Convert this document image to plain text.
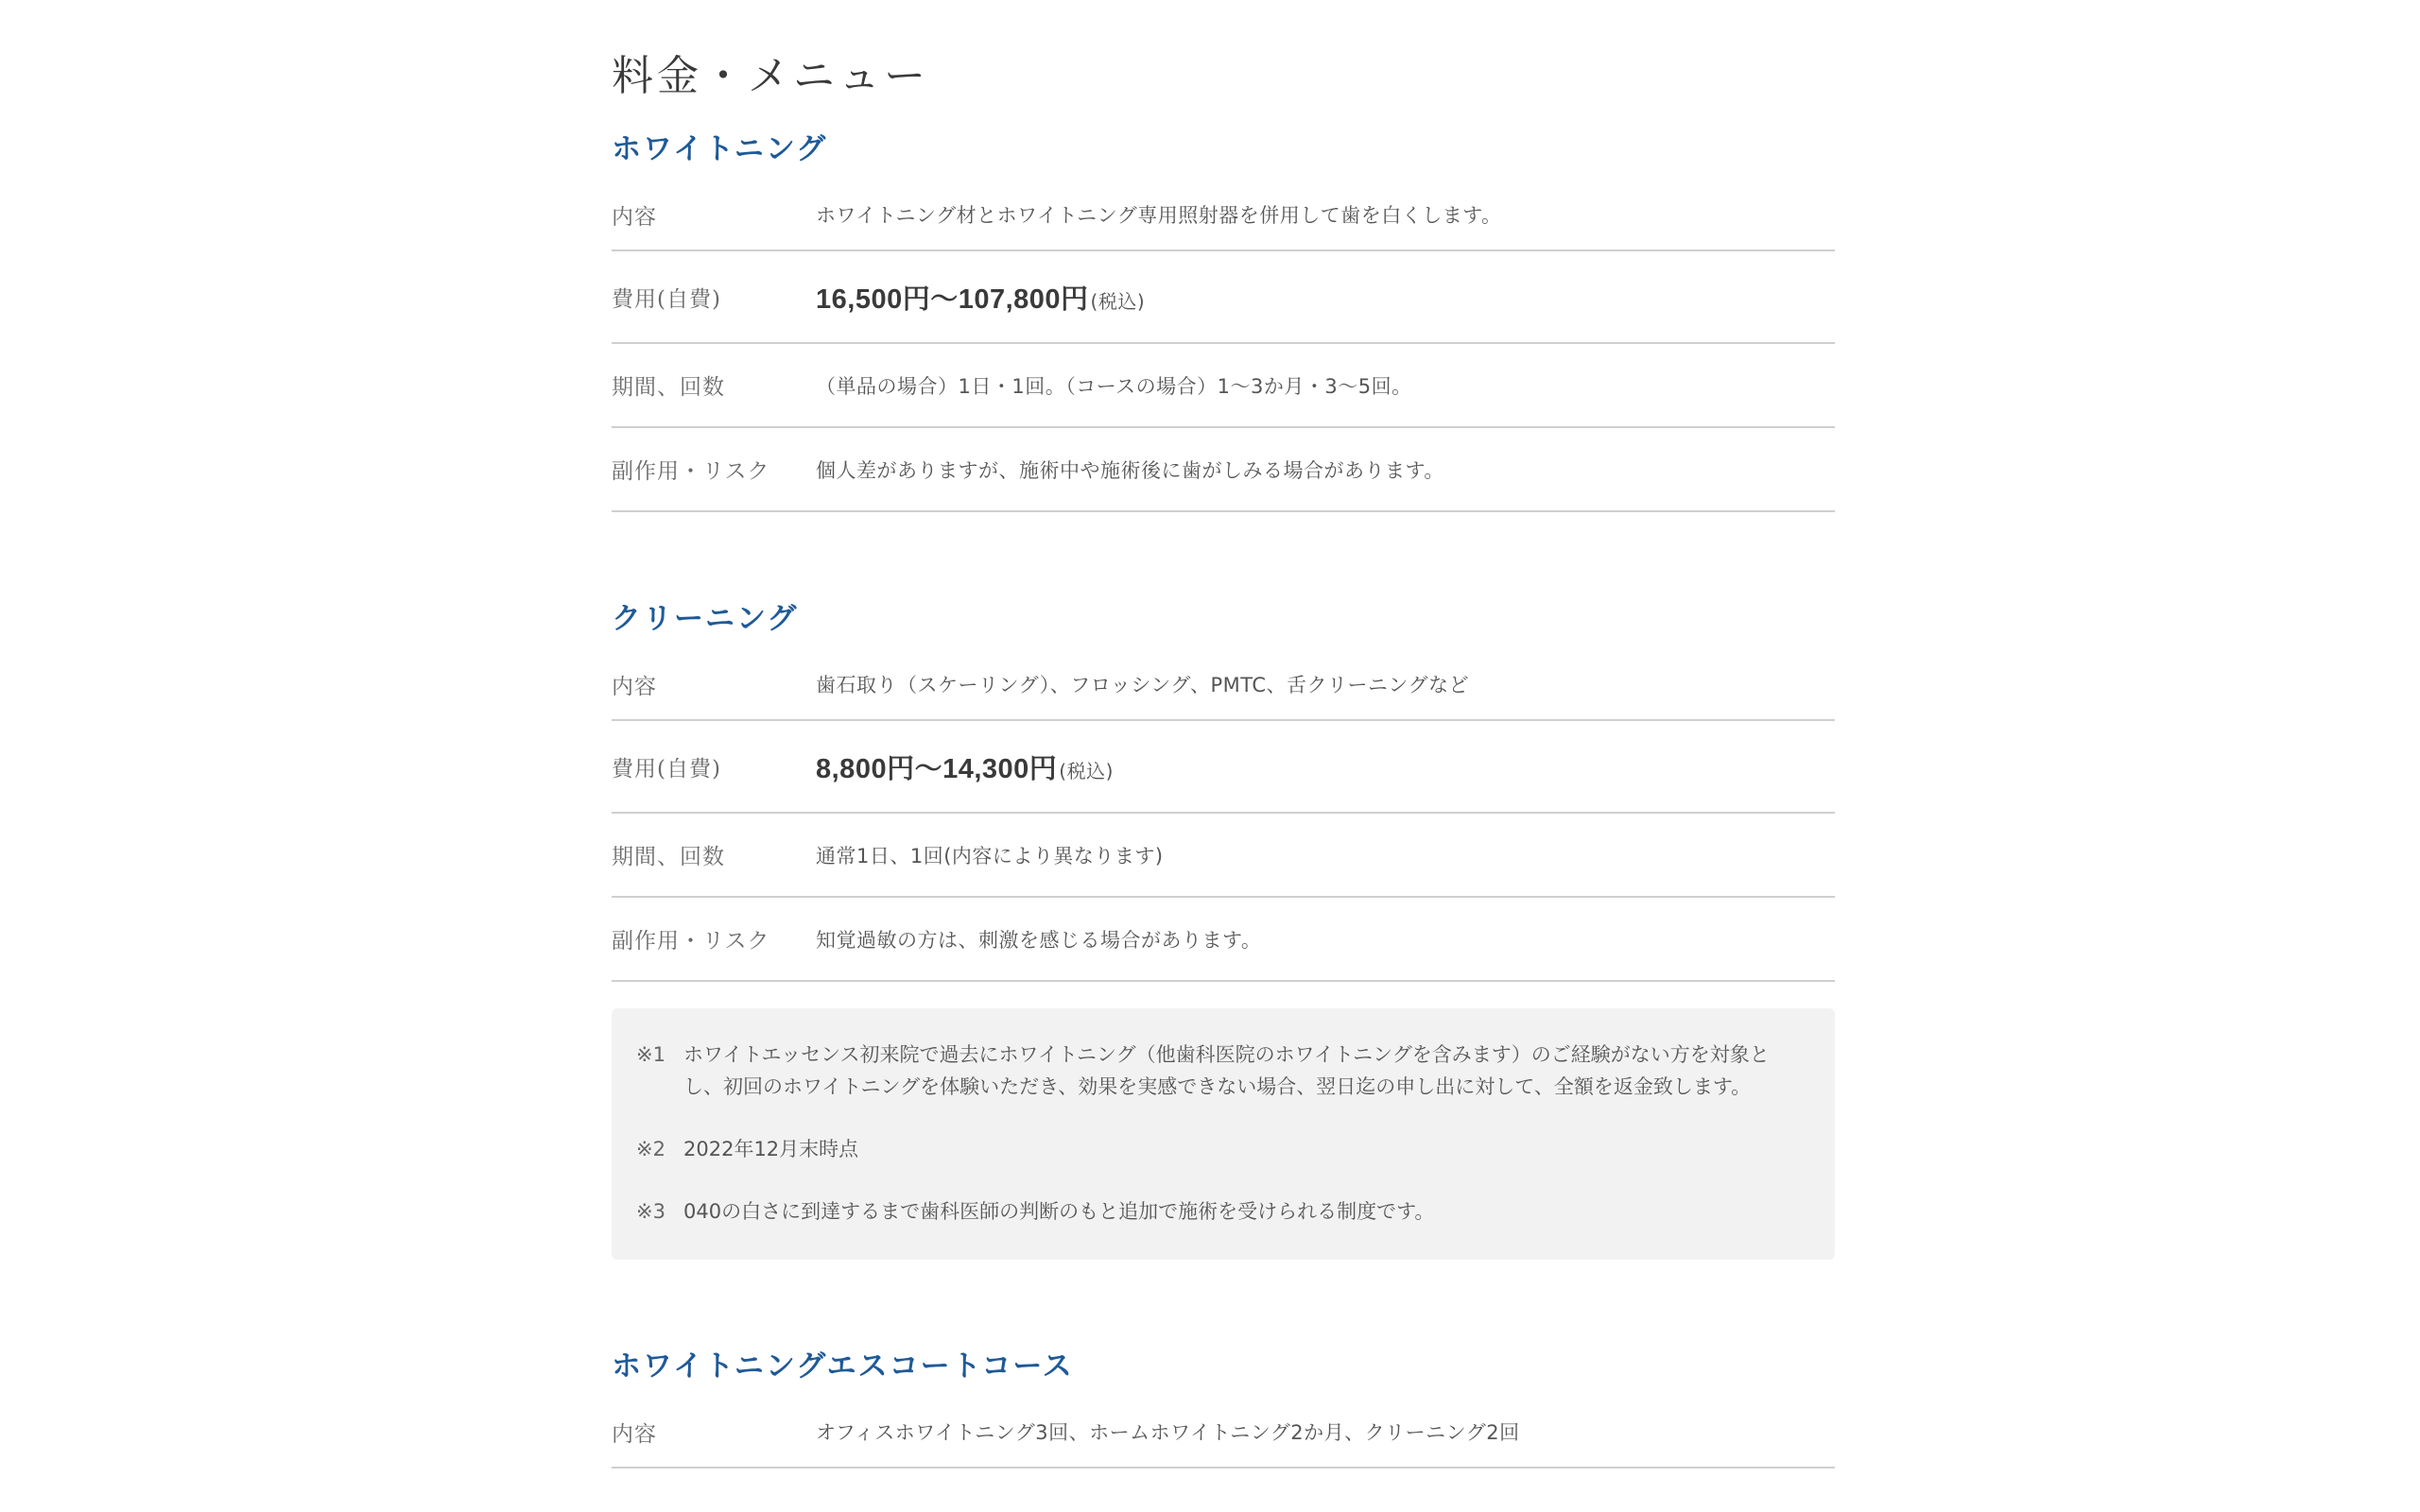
料金・メニュー
ホワイトニング
内容	ホワイトニング材とホワイトニング専用照射器を併用して歯を白くします。
費用(自費)	16,500円〜107,800円 (税込)
期間、回数	（単品の場合）1日・1回。（コースの場合）1〜3か月・3〜5回。
副作用・リスク	個人差がありますが、施術中や施術後に歯がしみる場合があります。
クリーニング
内容	歯石取り（スケーリング）、フロッシング、PMTC、舌クリーニングなど
費用(自費)	8,800円〜14,300円 (税込)
期間、回数	通常1日、1回(内容により異なります)
副作用・リスク	知覚過敏の方は、刺激を感じる場合があります。
※1 ホワイトエッセンス初来院で過去にホワイトニング（他歯科医院のホワイトニングを含みます）のご経験がない方を対象とし、初回のホワイトニングを体験いただき、効果を実感できない場合、翌日迄の申し出に対して、全額を返金致します。
※2 2022年12月末時点
※3 040の白さに到達するまで歯科医師の判断のもと追加で施術を受けられる制度です。
ホワイトニングエスコートコース
内容	オフィスホワイトニング3回、ホームホワイトニング2か月、クリーニング2回
